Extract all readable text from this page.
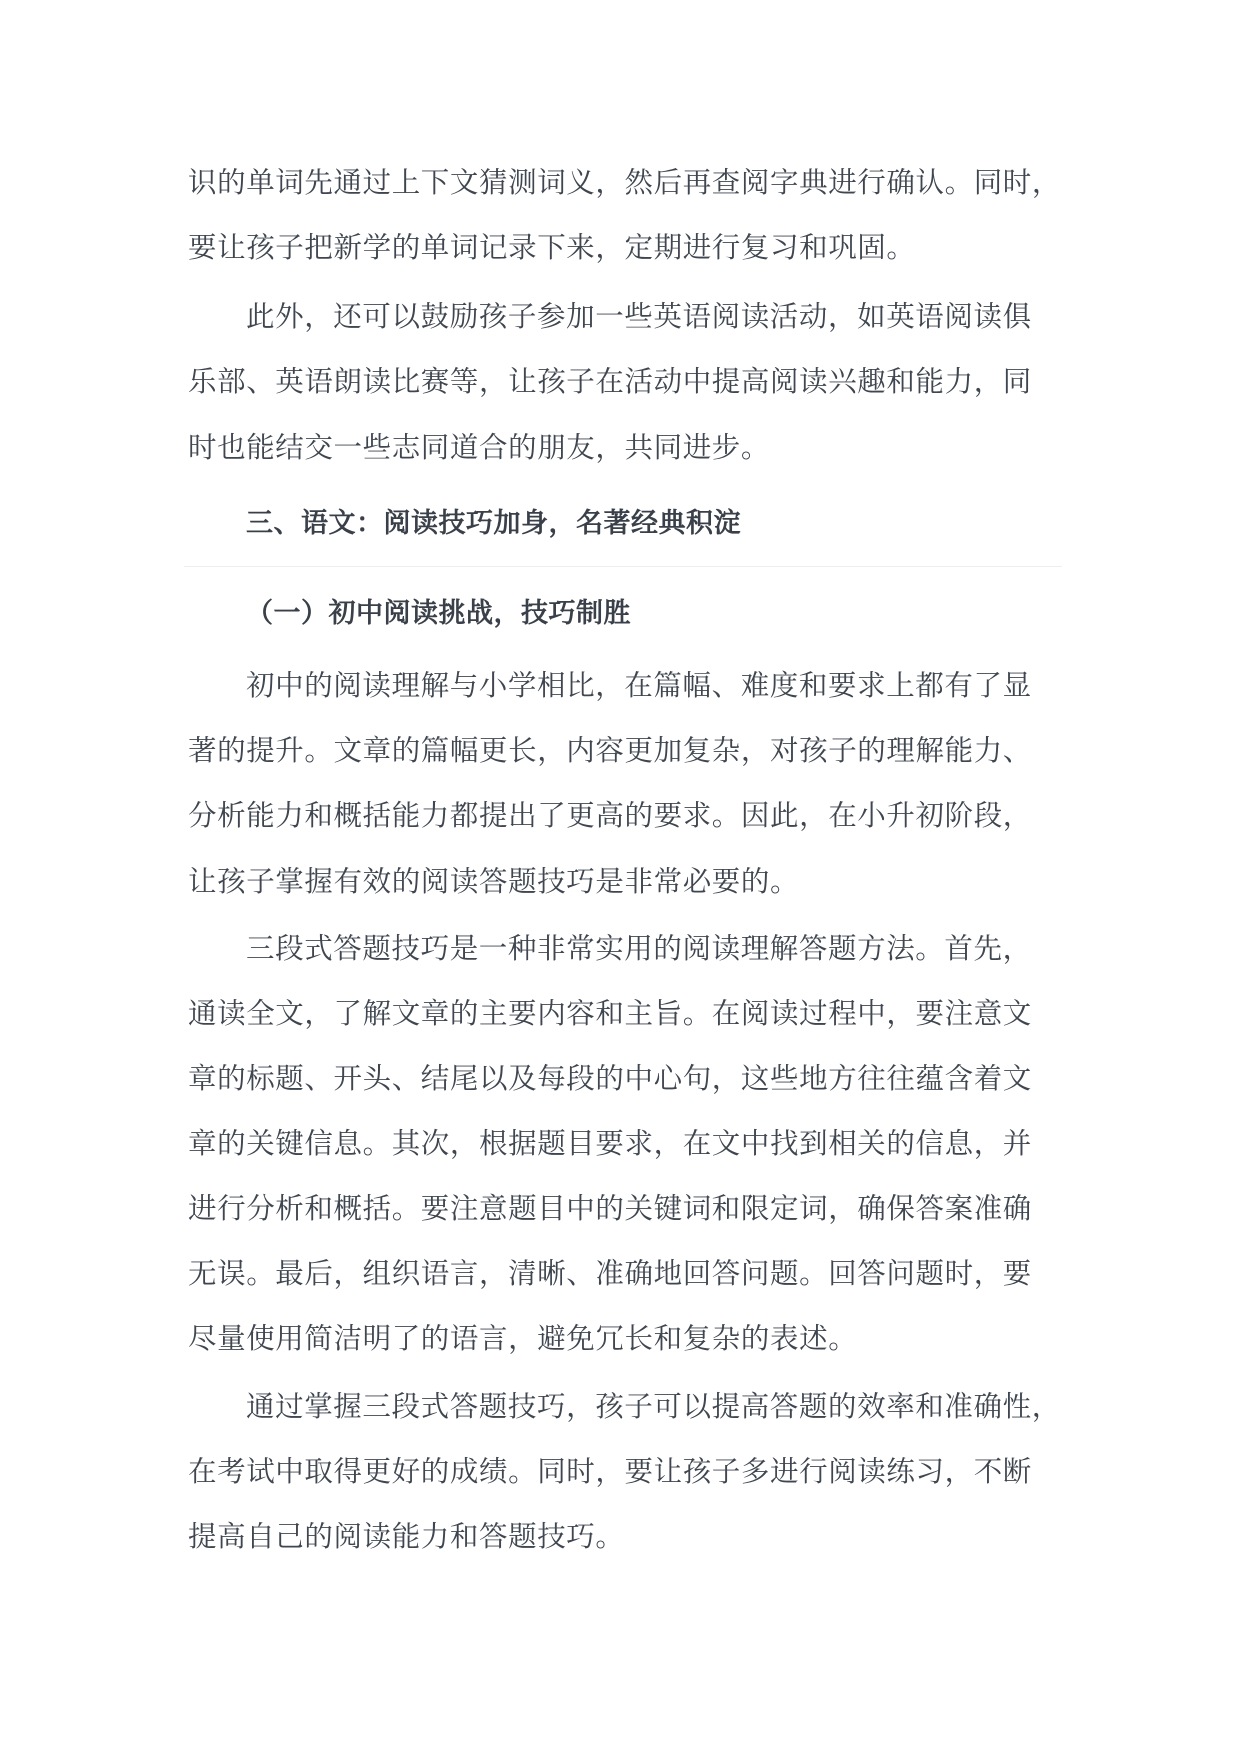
识的单词先通过上下文猜测词义，然后再查阅字典进行确认。同时，
要让孩子把新学的单词记录下来，定期进行复习和巩固。
此外，还可以鼓励孩子参加一些英语阅读活动，如英语阅读俱
乐部、英语朗读比赛等，让孩子在活动中提高阅读兴趣和能力，同
时也能结交一些志同道合的朋友，共同进步。
三、语文：阅读技巧加身，名著经典积淀
（一）初中阅读挑战，技巧制胜
初中的阅读理解与小学相比，在篇幅、难度和要求上都有了显
著的提升。文章的篇幅更长，内容更加复杂，对孩子的理解能力、
分析能力和概括能力都提出了更高的要求。因此，在小升初阶段，
让孩子掌握有效的阅读答题技巧是非常必要的。
三段式答题技巧是一种非常实用的阅读理解答题方法。首先，
通读全文，了解文章的主要内容和主旨。在阅读过程中，要注意文
章的标题、开头、结尾以及每段的中心句，这些地方往往蕴含着文
章的关键信息。其次，根据题目要求，在文中找到相关的信息，并
进行分析和概括。要注意题目中的关键词和限定词，确保答案准确
无误。最后，组织语言，清晰、准确地回答问题。回答问题时，要
尽量使用简洁明了的语言，避免冗长和复杂的表述。
通过掌握三段式答题技巧，孩子可以提高答题的效率和准确性，
在考试中取得更好的成绩。同时，要让孩子多进行阅读练习，不断
提高自己的阅读能力和答题技巧。
